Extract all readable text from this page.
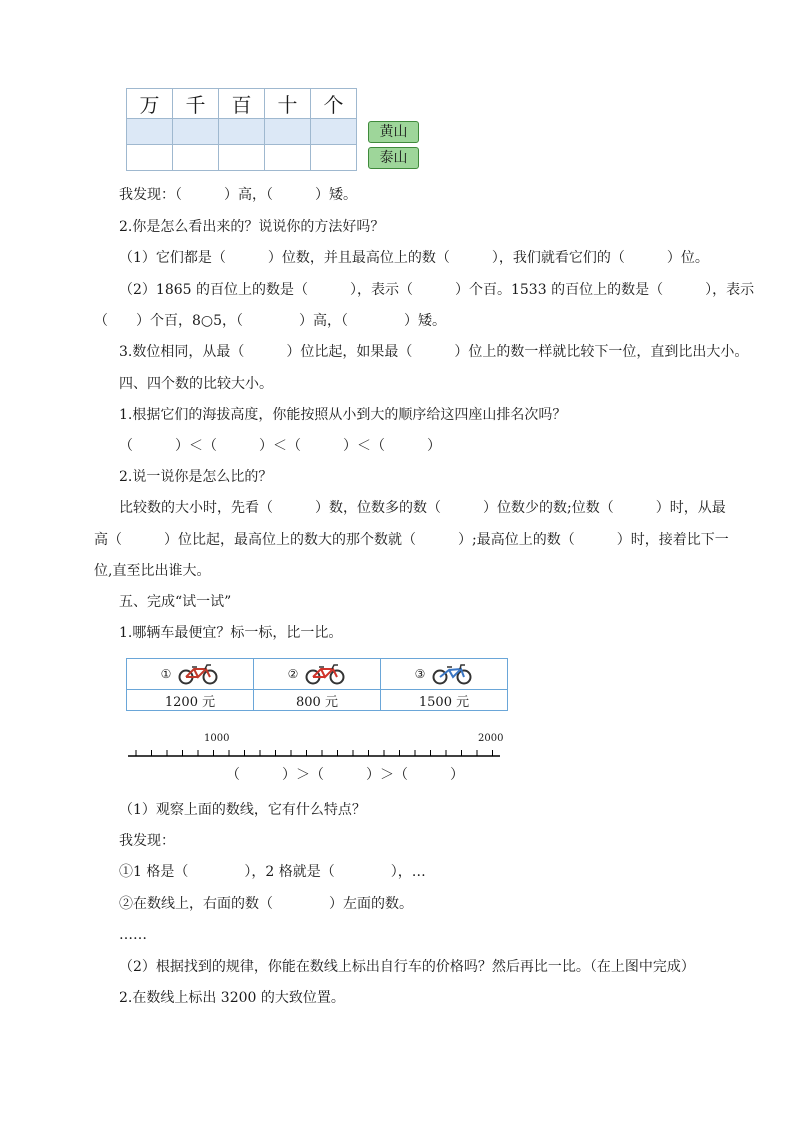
万	千	百	十	个

黄山
泰山
我发现：（　　　）高，（　　　）矮。
2.你是怎么看出来的？说说你的方法好吗？
（1）它们都是（　　　）位数，并且最高位上的数（　　　），我们就看它们的（　　　）位。
（2）1865 的百位上的数是（　　　），表示（　　　）个百。1533 的百位上的数是（　　　），表示
（　　）个百，8○5，（　　　　）高，（　　　　）矮。
3.数位相同，从最（　　　）位比起，如果最（　　　）位上的数一样就比较下一位，直到比出大小。
四、四个数的比较大小。
1.根据它们的海拔高度，你能按照从小到大的顺序给这四座山排名次吗？
（　　　）＜（　　　）＜（　　　）＜（　　　）
2.说一说你是怎么比的？
比较数的大小时，先看（　　　）数，位数多的数（　　　）位数少的数;位数（　　　）时，从最
高（　　　）位比起，最高位上的数大的那个数就（　　　）;最高位上的数（　　　）时，接着比下一
位,直至比出谁大。
五、完成“试一试”
1.哪辆车最便宜？标一标，比一比。
①	②	③

1200 元	800 元	1500 元
1000	2000
（　　　）＞（　　　）＞（　　　）
（1）观察上面的数线，它有什么特点？
我发现：
①1 格是（　　　　），2 格就是（　　　　），…
②在数线上，右面的数（　　　　）左面的数。
……
（2）根据找到的规律，你能在数线上标出自行车的价格吗？然后再比一比。（在上图中完成）
2.在数线上标出 3200 的大致位置。
